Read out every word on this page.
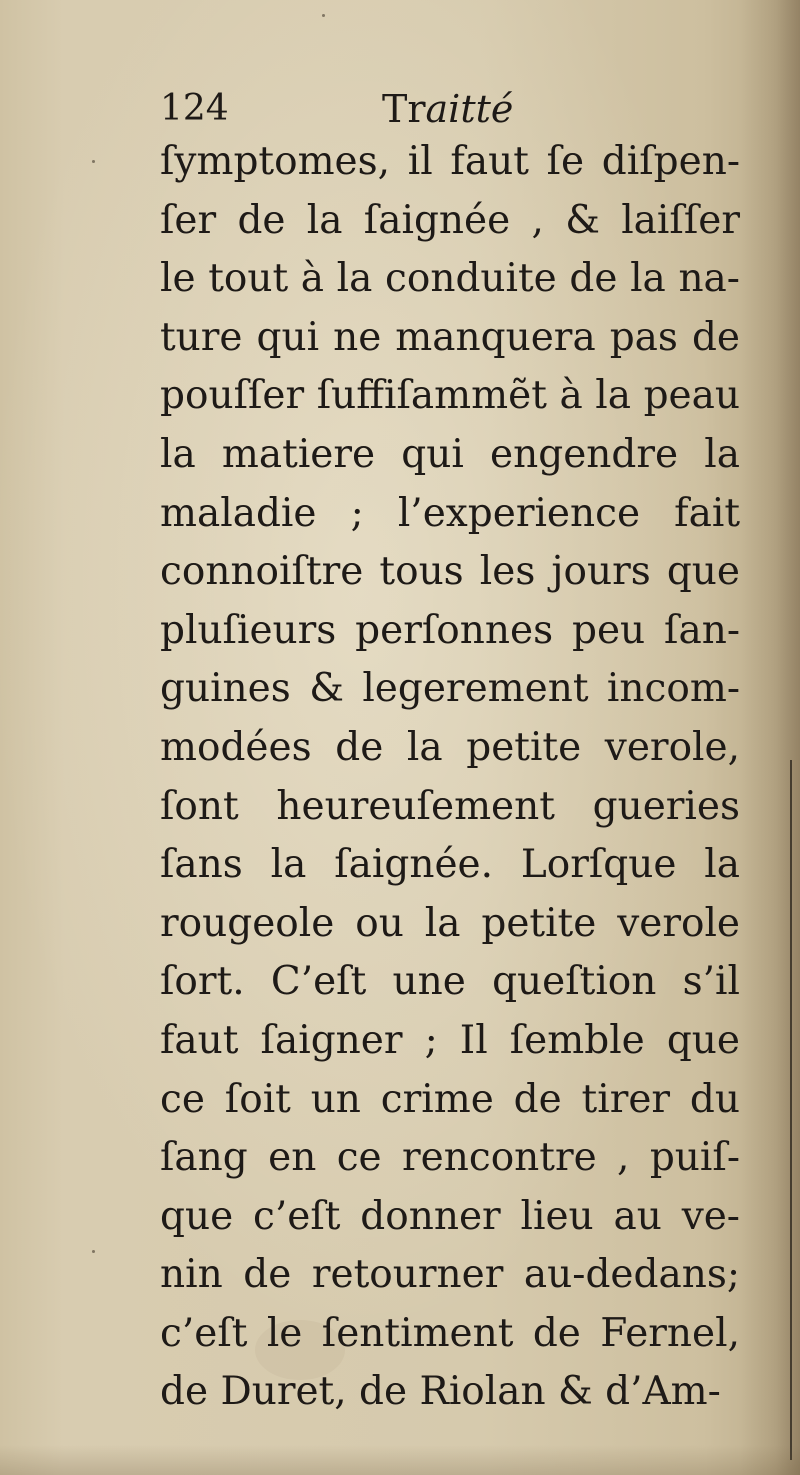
124	Traitté
ſymptomes, il faut ſe diſpen-
ſer de la ſaignée , & laiſſer
le tout à la conduite de la na-
ture qui ne manquera pas de
pouſſer ſuffiſammẽt à la peau
la matiere qui engendre la
maladie ; l’experience fait
connoiſtre tous les jours que
pluſieurs perſonnes peu ſan-
guines & legerement incom-
modées de la petite verole,
ſont heureuſement gueries
ſans la ſaignée. Lorſque la
rougeole ou la petite verole
ſort. C’eſt une queſtion s’il
faut ſaigner ; Il ſemble que
ce ſoit un crime de tirer du
ſang en ce rencontre , puiſ-
que c’eſt donner lieu au ve-
nin de retourner au-dedans;
c’eſt le ſentiment de Fernel,
de Duret, de Riolan & d’Am-
